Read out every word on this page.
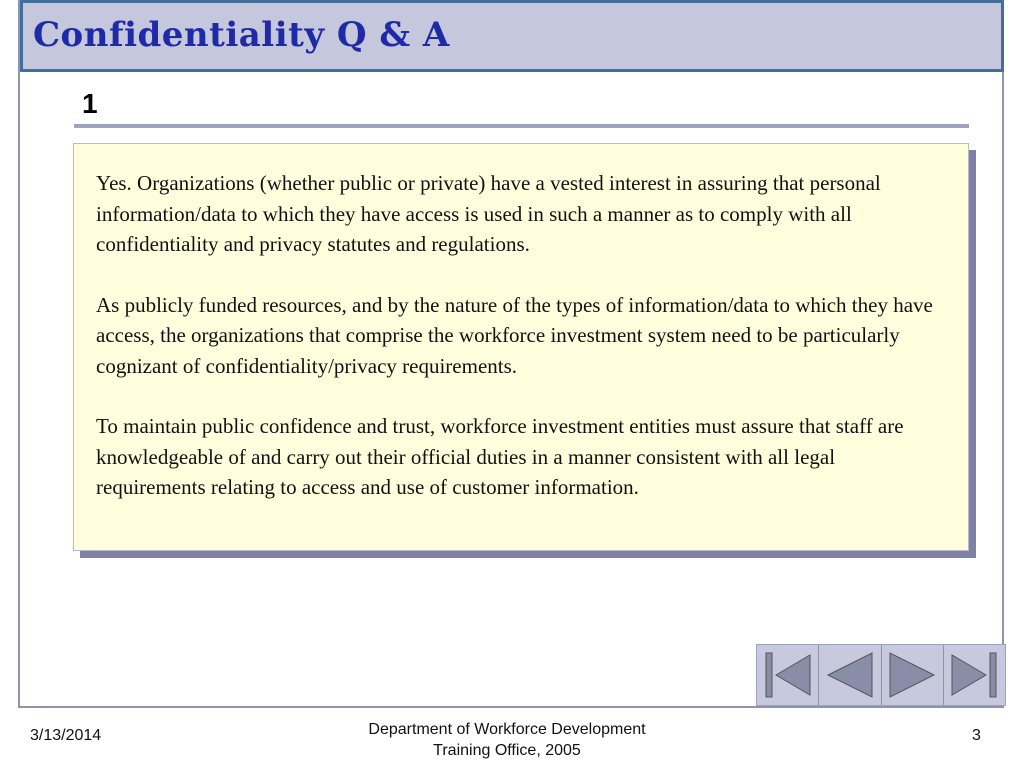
Confidentiality Q & A
1

Yes. Organizations (whether public or private) have a vested interest in assuring that personal information/data to which they have access is used in such a manner as to comply with all confidentiality and privacy statutes and regulations.

As publicly funded resources, and by the nature of the types of information/data to which they have access, the organizations that comprise the workforce investment system need to be particularly cognizant of confidentiality/privacy requirements.

To maintain public confidence and trust, workforce investment entities must assure that staff are knowledgeable of and carry out their official duties in a manner consistent with all legal requirements relating to access and use of customer information.

3/13/2014	Department of Workforce Development
Training Office, 2005
3
